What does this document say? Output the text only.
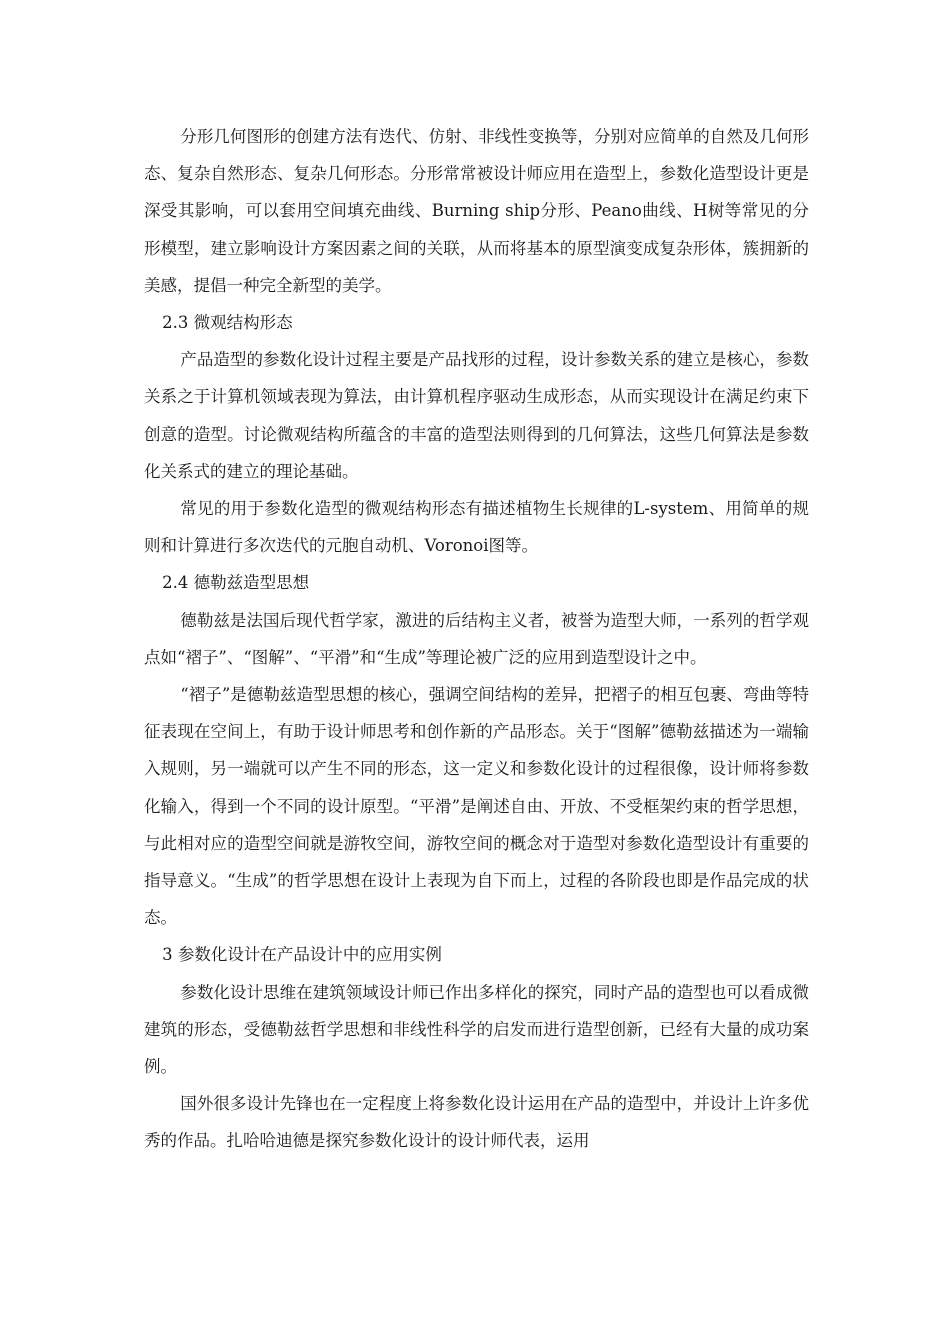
分形几何图形的创建方法有迭代、仿射、非线性变换等，分别对应简单的自然及几何形态、复杂自然形态、复杂几何形态。分形常常被设计师应用在造型上，参数化造型设计更是深受其影响，可以套用空间填充曲线、Burning ship分形、Peano曲线、H树等常见的分形模型，建立影响设计方案因素之间的关联，从而将基本的原型演变成复杂形体，簇拥新的美感，提倡一种完全新型的美学。

2.3 微观结构形态

产品造型的参数化设计过程主要是产品找形的过程，设计参数关系的建立是核心，参数关系之于计算机领域表现为算法，由计算机程序驱动生成形态，从而实现设计在满足约束下创意的造型。讨论微观结构所蕴含的丰富的造型法则得到的几何算法，这些几何算法是参数化关系式的建立的理论基础。

常见的用于参数化造型的微观结构形态有描述植物生长规律的L-system、用简单的规则和计算进行多次迭代的元胞自动机、Voronoi图等。

2.4 德勒兹造型思想

德勒兹是法国后现代哲学家，激进的后结构主义者，被誉为造型大师，一系列的哲学观点如“褶子”、“图解”、“平滑”和“生成”等理论被广泛的应用到造型设计之中。

“褶子”是德勒兹造型思想的核心，强调空间结构的差异，把褶子的相互包裹、弯曲等特征表现在空间上，有助于设计师思考和创作新的产品形态。关于“图解”德勒兹描述为一端输入规则，另一端就可以产生不同的形态，这一定义和参数化设计的过程很像，设计师将参数化输入，得到一个不同的设计原型。“平滑”是阐述自由、开放、不受框架约束的哲学思想，与此相对应的造型空间就是游牧空间，游牧空间的概念对于造型对参数化造型设计有重要的指导意义。“生成”的哲学思想在设计上表现为自下而上，过程的各阶段也即是作品完成的状态。

3 参数化设计在产品设计中的应用实例

参数化设计思维在建筑领域设计师已作出多样化的探究，同时产品的造型也可以看成微建筑的形态，受德勒兹哲学思想和非线性科学的启发而进行造型创新，已经有大量的成功案例。

国外很多设计先锋也在一定程度上将参数化设计运用在产品的造型中，并设计上许多优秀的作品。扎哈哈迪德是探究参数化设计的设计师代表，运用
